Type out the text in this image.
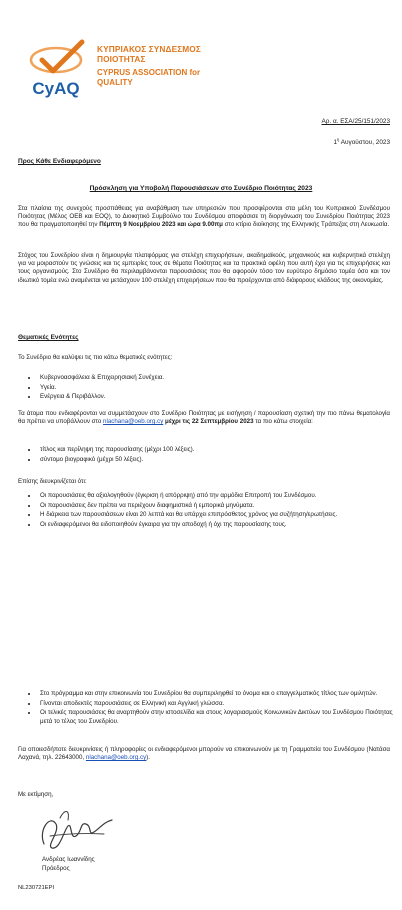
CyAQ
ΚΥΠΡΙΑΚΟΣ ΣΥΝΔΕΣΜΟΣ
ΠΟΙΟΤΗΤΑΣ
CYPRUS ASSOCIATION for
QUALITY
Αρ. α. ΕΣΑ/25/151/2023
$1^\eta$ Αυγούστου, 2023
Προς Κάθε Ενδιαφερόμενο
Πρόσκληση για Υποβολή Παρουσιάσεων στο Συνέδριο Ποιότητας 2023

Στα πλαίσια της συνεχούς προσπάθειας για αναβάθμιση των υπηρεσιών που προσφέρονται στα μέλη του Κυπριακού Συνδέσμου Ποιότητας (Μέλος ΟΕΒ και EOQ), το Διοικητικό Συμβούλιο του Συνδέσμου αποφάσισε τη διοργάνωση του Συνεδρίου Ποιότητας 2023 που θα πραγματοποιηθεί την Πέμπτη 9 Νοεμβρίου 2023 και ώρα 9.00πμ στο κτίριο διοίκησης της Ελληνικής Τράπεζας στη Λευκωσία.

Στόχος του Συνεδρίου είναι η δημιουργία πλατφόρμας για στελέχη επιχειρήσεων, ακαδημαϊκούς, μηχανικούς και κυβερνητικά στελέχη για να μοιραστούν τις γνώσεις και τις εμπειρίες τους σε θέματα Ποιότητας και τα πρακτικά οφέλη που αυτή έχει για τις επιχειρήσεις και τους οργανισμούς. Στο Συνέδριο θα περιλαμβάνονται παρουσιάσεις που θα αφορούν τόσο τον ευρύτερο δημόσιο τομέα όσο και τον ιδιωτικό τομέα ενώ αναμένεται να μετάσχουν 100 στελέχη επιχειρήσεων που θα προέρχονται από διάφορους κλάδους της οικονομίας.

Θεματικές Ενότητες

Το Συνέδριο θα καλύψει τις πιο κάτω θεματικές ενότητες:

• Κυβερνοασφάλεια & Επιχειρησιακή Συνέχεια.
• Υγεία.
• Ενέργεια & Περιβάλλον.

Τα άτομα που ενδιαφέρονται να συμμετάσχουν στο Συνέδριο Ποιότητας με εισήγηση / παρουσίαση σχετική την πιο πάνω θεματολογία θα πρέπει να υποβάλλουν στο nlachana@oeb.org.cy μέχρι τις 22 Σεπτεμβρίου 2023 τα πιο κάτω στοιχεία:

• τίτλος και περίληψη της παρουσίασης (μέχρι 100 λέξεις).
• σύντομο βιογραφικό (μέχρι 50 λέξεις).

Επίσης διευκρινίζεται ότι:

• Οι παρουσιάσεις θα αξιολογηθούν (έγκριση ή απόρριψη) από την αρμόδια Επιτροπή του Συνδέσμου.
• Οι παρουσιάσεις δεν πρέπει να περιέχουν διαφημιστικά ή εμπορικά μηνύματα.
• Η διάρκεια των παρουσιάσεων είναι 20 λεπτά και θα υπάρχει επιπρόσθετος χρόνος για συζήτηση/ερωτήσεις.
• Οι ενδιαφερόμενοι θα ειδοποιηθούν έγκαιρα για την αποδοχή ή όχι της παρουσίασης τους.
• Στο πρόγραμμα και στην επικοινωνία του Συνεδρίου θα συμπεριληφθεί το όνομα και ο επαγγελματικός τίτλος των ομιλητών.
• Γίνονται αποδεκτές παρουσιάσεις σε Ελληνική και Αγγλική γλώσσα.
• Οι τελικές παρουσιάσεις θα αναρτηθούν στην ιστοσελίδα και στους λογαριασμούς Κοινωνικών Δικτύων του Συνδέσμου Ποιότητας μετά το τέλος του Συνεδρίου.

Για οποιεσδήποτε διευκρινίσεις ή πληροφορίες οι ενδιαφερόμενοι μπορούν να επικοινωνούν με τη Γραμματεία του Συνδέσμου (Νατάσα Λαχανά, τηλ. 22643000, nlachana@oeb.org.cy).

Με εκτίμηση,
Ανδρέας Ιωαννίδης
Πρόεδρος
NL230721EPI
